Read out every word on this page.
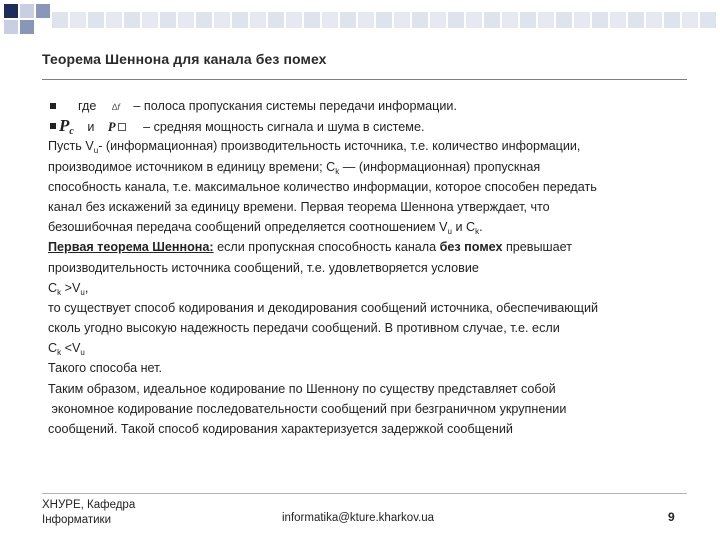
Теорема Шеннона для канала без помех
где ∆f – полоса пропускания системы передачи информации.
$P_c$ и P – средняя мощность сигнала и шума в системе.
Пусть $V_u-$ (информационная) производительность источника, т.е. количество информации,
производимое источником в единицу времени; $C_k$ — (информационная) пропускная
способность канала, т.е. максимальное количество информации, которое способен передать
канал без искажений за единицу времени. Первая теорема Шеннона утверждает, что
безошибочная передача сообщений определяется соотношением $V_u$ и $C_k$.
Первая теорема Шеннона: если пропускная способность канала без помех превышает
производительность источника сообщений, т.е. удовлетворяется условие
$C_k >V_u$,
то существует способ кодирования и декодирования сообщений источника, обеспечивающий
сколь угодно высокую надежность передачи сообщений. В противном случае, т.е. если
$C_k <V_u$
Такого способа нет.
Таким образом, идеальное кодирование по Шеннону по существу представляет собой
экономное кодирование последовательности сообщений при безграничном укрупнении
сообщений. Такой способ кодирования характеризуется задержкой сообщений
ХНУРЕ, Кафедра
Інформатики	informatika@kture.kharkov.ua	9
